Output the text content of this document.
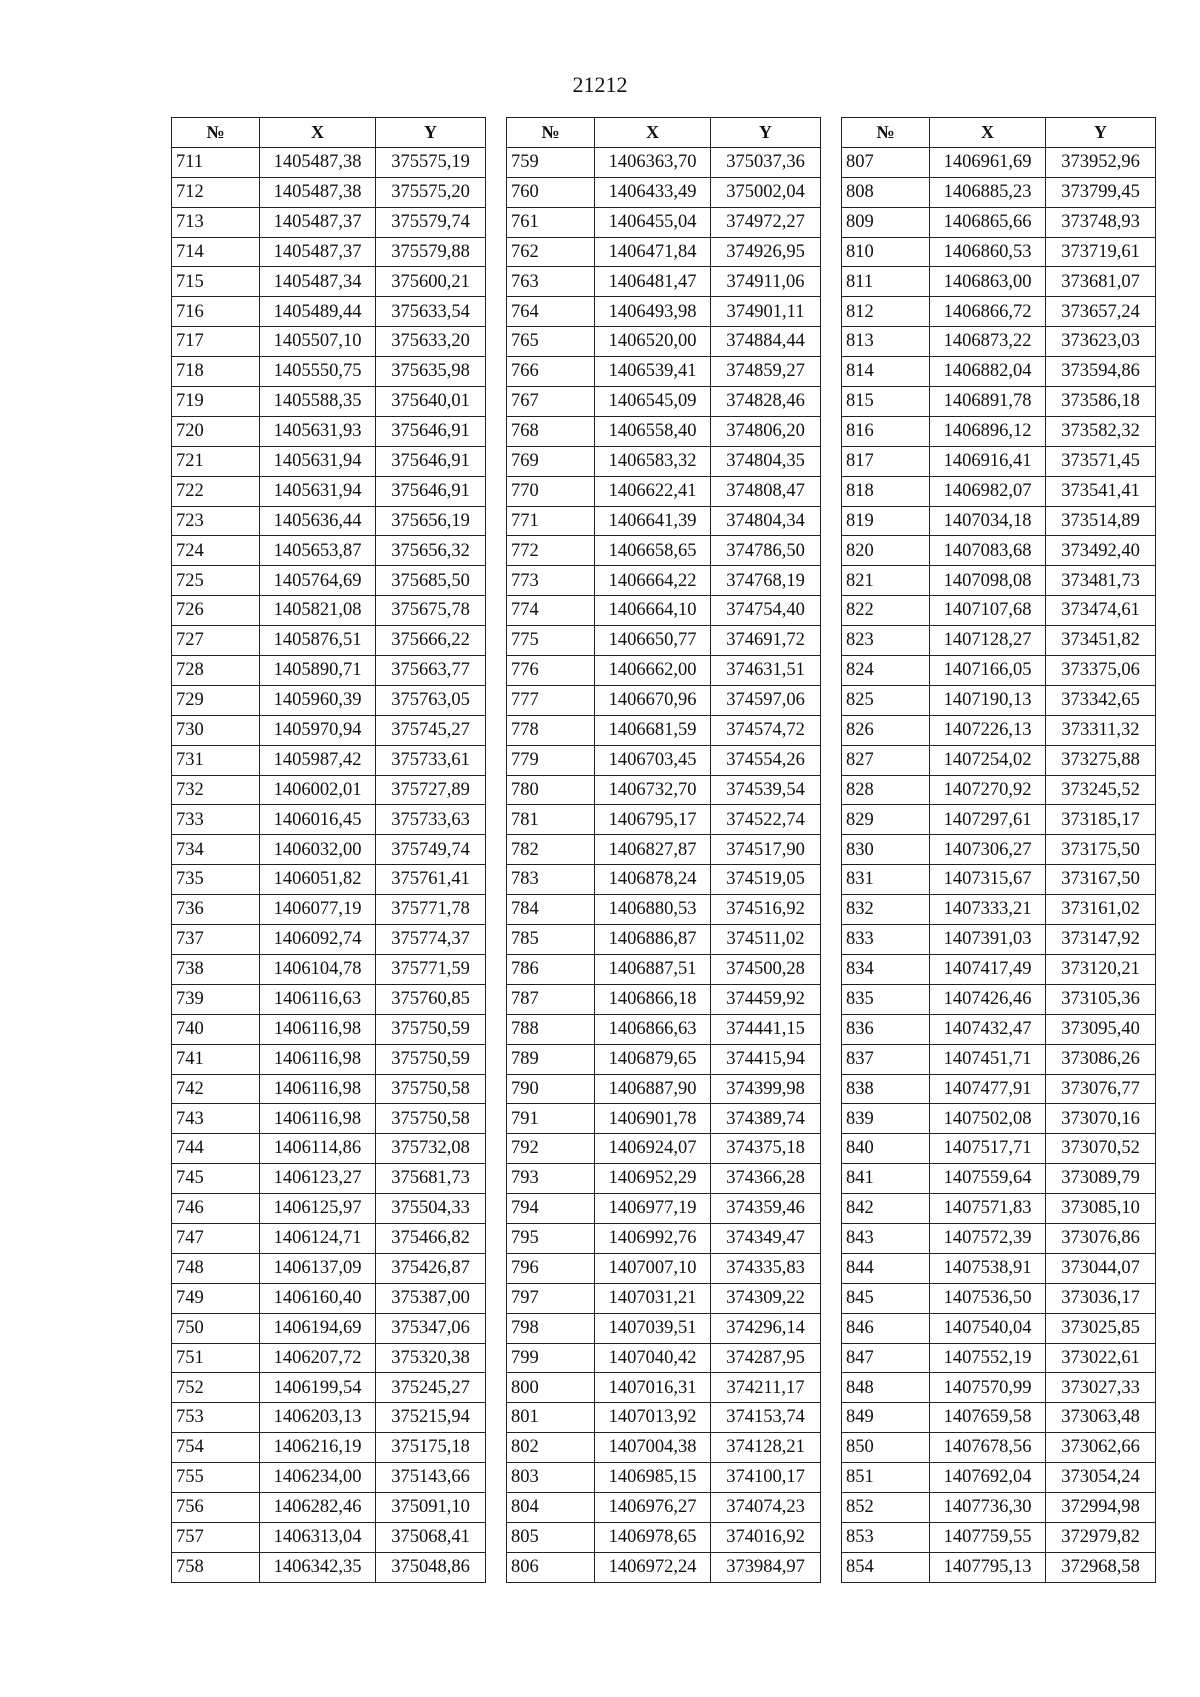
21212
№	X	Y
711	1405487,38	375575,19
712	1405487,38	375575,20
713	1405487,37	375579,74
714	1405487,37	375579,88
715	1405487,34	375600,21
716	1405489,44	375633,54
717	1405507,10	375633,20
718	1405550,75	375635,98
719	1405588,35	375640,01
720	1405631,93	375646,91
721	1405631,94	375646,91
722	1405631,94	375646,91
723	1405636,44	375656,19
724	1405653,87	375656,32
725	1405764,69	375685,50
726	1405821,08	375675,78
727	1405876,51	375666,22
728	1405890,71	375663,77
729	1405960,39	375763,05
730	1405970,94	375745,27
731	1405987,42	375733,61
732	1406002,01	375727,89
733	1406016,45	375733,63
734	1406032,00	375749,74
735	1406051,82	375761,41
736	1406077,19	375771,78
737	1406092,74	375774,37
738	1406104,78	375771,59
739	1406116,63	375760,85
740	1406116,98	375750,59
741	1406116,98	375750,59
742	1406116,98	375750,58
743	1406116,98	375750,58
744	1406114,86	375732,08
745	1406123,27	375681,73
746	1406125,97	375504,33
747	1406124,71	375466,82
748	1406137,09	375426,87
749	1406160,40	375387,00
750	1406194,69	375347,06
751	1406207,72	375320,38
752	1406199,54	375245,27
753	1406203,13	375215,94
754	1406216,19	375175,18
755	1406234,00	375143,66
756	1406282,46	375091,10
757	1406313,04	375068,41
758	1406342,35	375048,86
№	X	Y
759	1406363,70	375037,36
760	1406433,49	375002,04
761	1406455,04	374972,27
762	1406471,84	374926,95
763	1406481,47	374911,06
764	1406493,98	374901,11
765	1406520,00	374884,44
766	1406539,41	374859,27
767	1406545,09	374828,46
768	1406558,40	374806,20
769	1406583,32	374804,35
770	1406622,41	374808,47
771	1406641,39	374804,34
772	1406658,65	374786,50
773	1406664,22	374768,19
774	1406664,10	374754,40
775	1406650,77	374691,72
776	1406662,00	374631,51
777	1406670,96	374597,06
778	1406681,59	374574,72
779	1406703,45	374554,26
780	1406732,70	374539,54
781	1406795,17	374522,74
782	1406827,87	374517,90
783	1406878,24	374519,05
784	1406880,53	374516,92
785	1406886,87	374511,02
786	1406887,51	374500,28
787	1406866,18	374459,92
788	1406866,63	374441,15
789	1406879,65	374415,94
790	1406887,90	374399,98
791	1406901,78	374389,74
792	1406924,07	374375,18
793	1406952,29	374366,28
794	1406977,19	374359,46
795	1406992,76	374349,47
796	1407007,10	374335,83
797	1407031,21	374309,22
798	1407039,51	374296,14
799	1407040,42	374287,95
800	1407016,31	374211,17
801	1407013,92	374153,74
802	1407004,38	374128,21
803	1406985,15	374100,17
804	1406976,27	374074,23
805	1406978,65	374016,92
806	1406972,24	373984,97
№	X	Y
807	1406961,69	373952,96
808	1406885,23	373799,45
809	1406865,66	373748,93
810	1406860,53	373719,61
811	1406863,00	373681,07
812	1406866,72	373657,24
813	1406873,22	373623,03
814	1406882,04	373594,86
815	1406891,78	373586,18
816	1406896,12	373582,32
817	1406916,41	373571,45
818	1406982,07	373541,41
819	1407034,18	373514,89
820	1407083,68	373492,40
821	1407098,08	373481,73
822	1407107,68	373474,61
823	1407128,27	373451,82
824	1407166,05	373375,06
825	1407190,13	373342,65
826	1407226,13	373311,32
827	1407254,02	373275,88
828	1407270,92	373245,52
829	1407297,61	373185,17
830	1407306,27	373175,50
831	1407315,67	373167,50
832	1407333,21	373161,02
833	1407391,03	373147,92
834	1407417,49	373120,21
835	1407426,46	373105,36
836	1407432,47	373095,40
837	1407451,71	373086,26
838	1407477,91	373076,77
839	1407502,08	373070,16
840	1407517,71	373070,52
841	1407559,64	373089,79
842	1407571,83	373085,10
843	1407572,39	373076,86
844	1407538,91	373044,07
845	1407536,50	373036,17
846	1407540,04	373025,85
847	1407552,19	373022,61
848	1407570,99	373027,33
849	1407659,58	373063,48
850	1407678,56	373062,66
851	1407692,04	373054,24
852	1407736,30	372994,98
853	1407759,55	372979,82
854	1407795,13	372968,58
